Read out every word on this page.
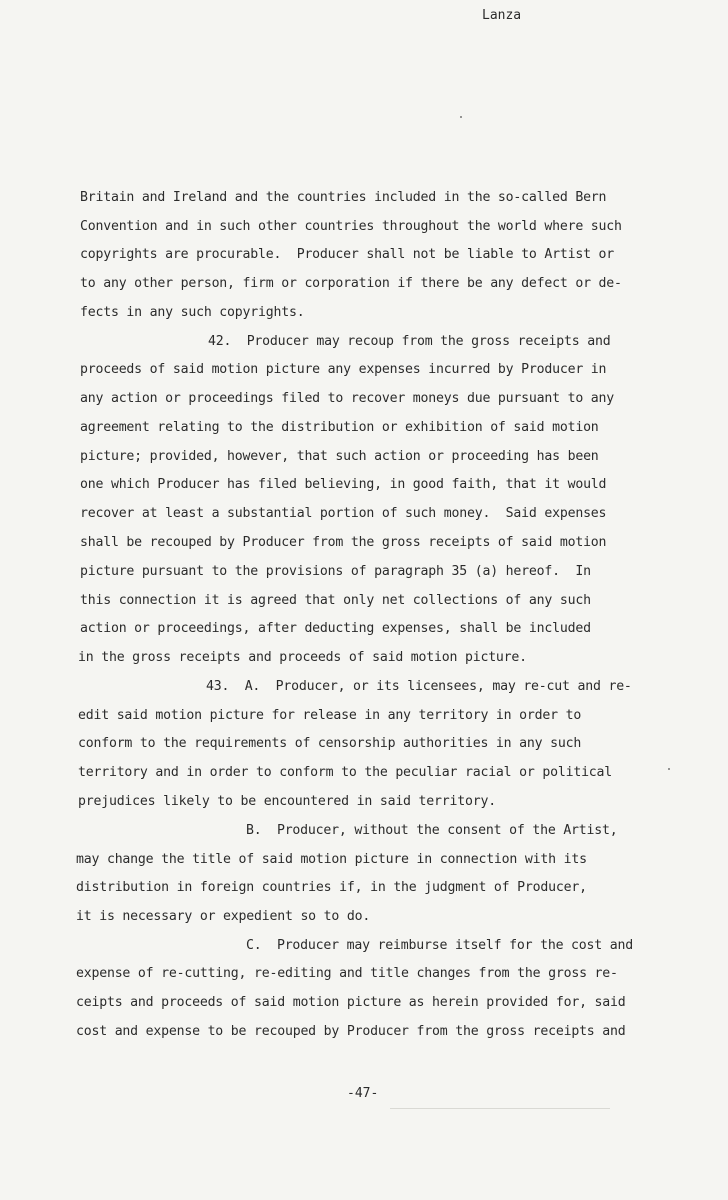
Lanza
Britain and Ireland and the countries included in the so-called Bern
Convention and in such other countries throughout the world where such
copyrights are procurable.  Producer shall not be liable to Artist or
to any other person, firm or corporation if there be any defect or de-
fects in any such copyrights.
42.  Producer may recoup from the gross receipts and
proceeds of said motion picture any expenses incurred by Producer in
any action or proceedings filed to recover moneys due pursuant to any
agreement relating to the distribution or exhibition of said motion
picture; provided, however, that such action or proceeding has been
one which Producer has filed believing, in good faith, that it would
recover at least a substantial portion of such money.  Said expenses
shall be recouped by Producer from the gross receipts of said motion
picture pursuant to the provisions of paragraph 35 (a) hereof.  In
this connection it is agreed that only net collections of any such
action or proceedings, after deducting expenses, shall be included
in the gross receipts and proceeds of said motion picture.
43.  A.  Producer, or its licensees, may re-cut and re-
edit said motion picture for release in any territory in order to
conform to the requirements of censorship authorities in any such
territory and in order to conform to the peculiar racial or political
prejudices likely to be encountered in said territory.
B.  Producer, without the consent of the Artist,
may change the title of said motion picture in connection with its
distribution in foreign countries if, in the judgment of Producer,
it is necessary or expedient so to do.
C.  Producer may reimburse itself for the cost and
expense of re-cutting, re-editing and title changes from the gross re-
ceipts and proceeds of said motion picture as herein provided for, said
cost and expense to be recouped by Producer from the gross receipts and
-47-
